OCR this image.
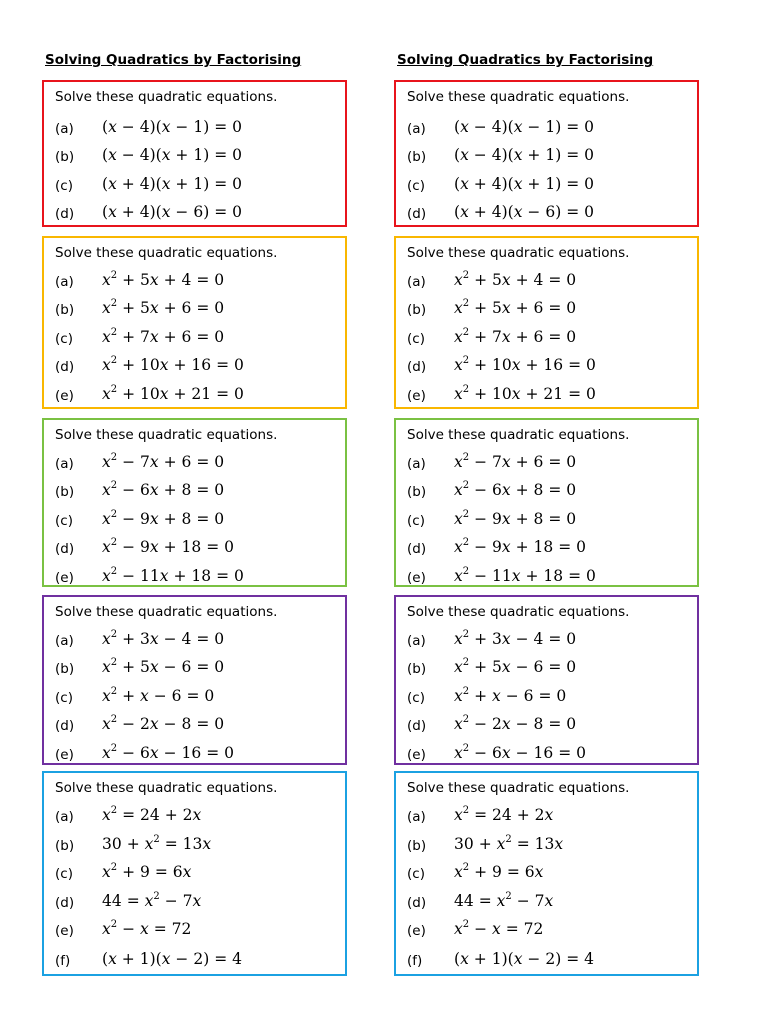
Solving Quadratics by Factorising
Solve these quadratic equations.
(a) (x − 4)(x − 1) = 0
(b) (x − 4)(x + 1) = 0
(c) (x + 4)(x + 1) = 0
(d) (x + 4)(x − 6) = 0
Solve these quadratic equations.
(a) $x^2 + 5x + 4 = 0$
(b) $x^2 + 5x + 6 = 0$
(c) $x^2 + 7x + 6 = 0$
(d) $x^2 + 10x + 16 = 0$
(e) $x^2 + 10x + 21 = 0$
Solve these quadratic equations.
(a) $x^2 - 7x + 6 = 0$
(b) $x^2 - 6x + 8 = 0$
(c) $x^2 - 9x + 8 = 0$
(d) $x^2 - 9x + 18 = 0$
(e) $x^2 - 11x + 18 = 0$
Solve these quadratic equations.
(a) $x^2 + 3x - 4 = 0$
(b) $x^2 + 5x - 6 = 0$
(c) $x^2 + x - 6 = 0$
(d) $x^2 - 2x - 8 = 0$
(e) $x^2 - 6x - 16 = 0$
Solve these quadratic equations.
(a) $x^2 = 24 + 2x$
(b) $30 + x^2 = 13x$
(c) $x^2 + 9 = 6x$
(d) $44 = x^2 - 7x$
(e) $x^2 - x = 72$
(f) (x + 1)(x − 2) = 4
Solving Quadratics by Factorising
Solve these quadratic equations.
(a) (x − 4)(x − 1) = 0
(b) (x − 4)(x + 1) = 0
(c) (x + 4)(x + 1) = 0
(d) (x + 4)(x − 6) = 0
Solve these quadratic equations.
(a) $x^2 + 5x + 4 = 0$
(b) $x^2 + 5x + 6 = 0$
(c) $x^2 + 7x + 6 = 0$
(d) $x^2 + 10x + 16 = 0$
(e) $x^2 + 10x + 21 = 0$
Solve these quadratic equations.
(a) $x^2 - 7x + 6 = 0$
(b) $x^2 - 6x + 8 = 0$
(c) $x^2 - 9x + 8 = 0$
(d) $x^2 - 9x + 18 = 0$
(e) $x^2 - 11x + 18 = 0$
Solve these quadratic equations.
(a) $x^2 + 3x - 4 = 0$
(b) $x^2 + 5x - 6 = 0$
(c) $x^2 + x - 6 = 0$
(d) $x^2 - 2x - 8 = 0$
(e) $x^2 - 6x - 16 = 0$
Solve these quadratic equations.
(a) $x^2 = 24 + 2x$
(b) $30 + x^2 = 13x$
(c) $x^2 + 9 = 6x$
(d) $44 = x^2 - 7x$
(e) $x^2 - x = 72$
(f) (x + 1)(x − 2) = 4
